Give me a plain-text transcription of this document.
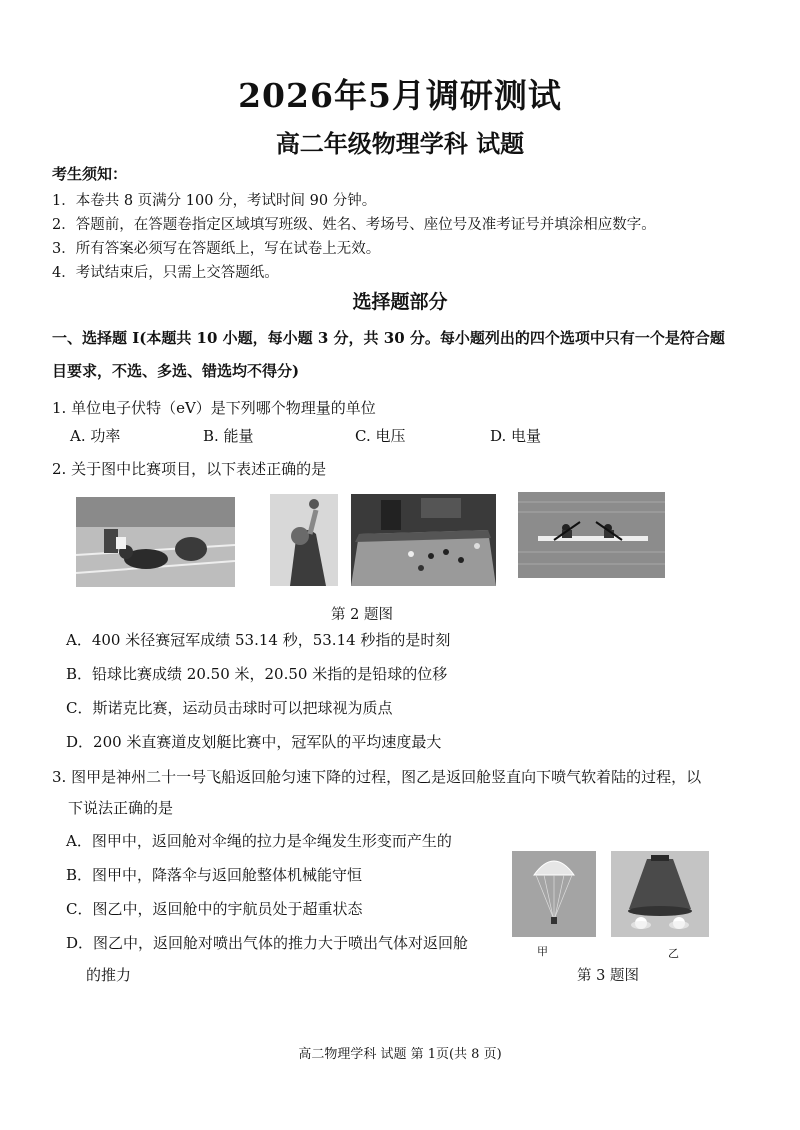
2026年5月调研测试
高二年级物理学科 试题
考生须知：
1．本卷共 8 页满分 100 分，考试时间 90 分钟。
2．答题前，在答题卷指定区域填写班级、姓名、考场号、座位号及准考证号并填涂相应数字。
3．所有答案必须写在答题纸上，写在试卷上无效。
4．考试结束后，只需上交答题纸。
选择题部分
一、选择题 I(本题共 10 小题，每小题 3 分，共 30 分。每小题列出的四个选项中只有一个是符合题
目要求，不选、多选、错选均不得分)
1. 单位电子伏特（eV）是下列哪个物理量的单位
A. 功率	B. 能量	C. 电压	D. 电量
2. 关于图中比赛项目，以下表述正确的是
第 2 题图
A．400 米径赛冠军成绩 53.14 秒，53.14 秒指的是时刻
B．铅球比赛成绩 20.50 米，20.50 米指的是铅球的位移
C．斯诺克比赛，运动员击球时可以把球视为质点
D．200 米直赛道皮划艇比赛中，冠军队的平均速度最大
3. 图甲是神州二十一号飞船返回舱匀速下降的过程，图乙是返回舱竖直向下喷气软着陆的过程，以
下说法正确的是
A．图甲中，返回舱对伞绳的拉力是伞绳发生形变而产生的
B．图甲中，降落伞与返回舱整体机械能守恒
C．图乙中，返回舱中的宇航员处于超重状态
D．图乙中，返回舱对喷出气体的推力大于喷出气体对返回舱
的推力
甲	乙
第 3 题图
高二物理学科 试题 第 1页(共 8 页)
